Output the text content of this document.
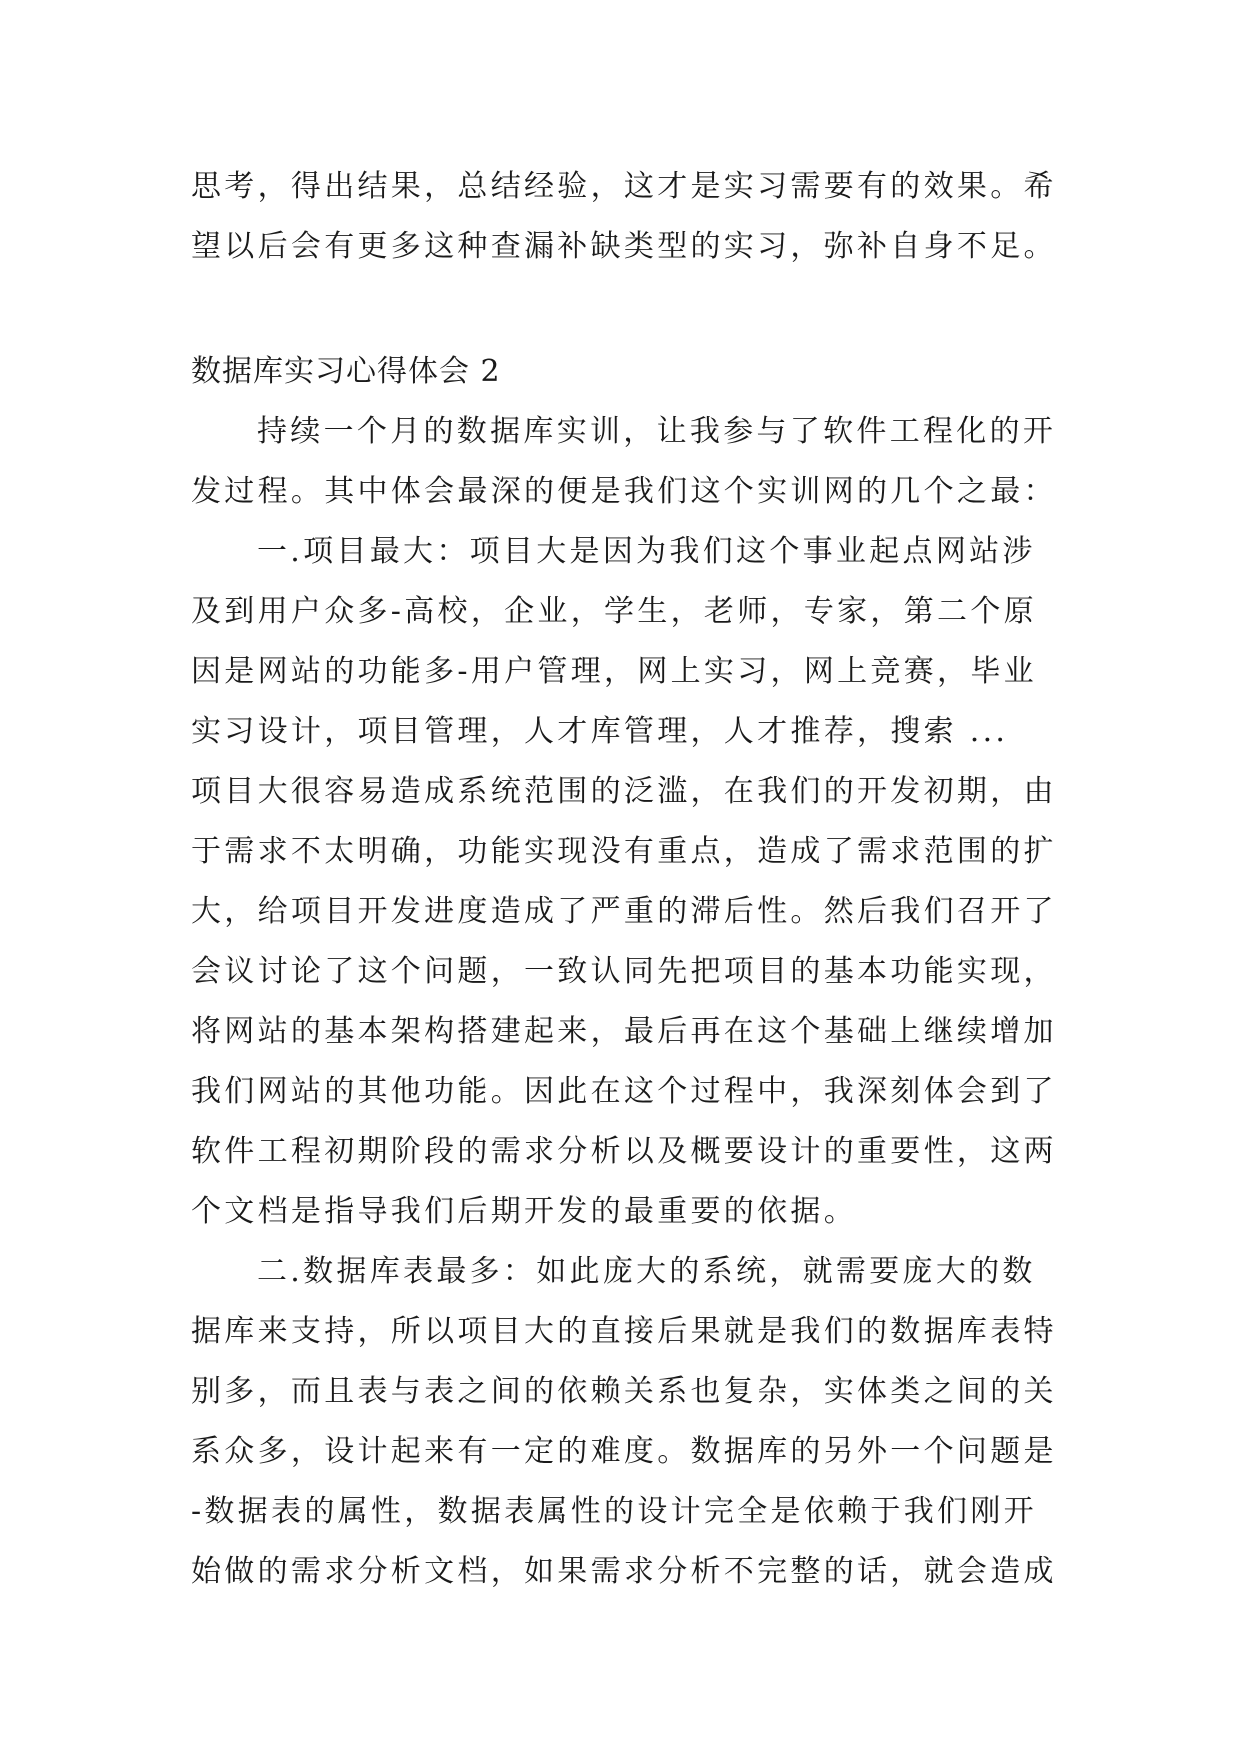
思考，得出结果，总结经验，这才是实习需要有的效果。希
望以后会有更多这种查漏补缺类型的实习，弥补自身不足。
数据库实习心得体会 2
持续一个月的数据库实训，让我参与了软件工程化的开
发过程。其中体会最深的便是我们这个实训网的几个之最：
一.项目最大：项目大是因为我们这个事业起点网站涉
及到用户众多-高校，企业，学生，老师，专家，第二个原
因是网站的功能多-用户管理，网上实习，网上竞赛，毕业
实习设计，项目管理，人才库管理，人才推荐，搜索 ...
项目大很容易造成系统范围的泛滥，在我们的开发初期，由
于需求不太明确，功能实现没有重点，造成了需求范围的扩
大，给项目开发进度造成了严重的滞后性。然后我们召开了
会议讨论了这个问题，一致认同先把项目的基本功能实现，
将网站的基本架构搭建起来，最后再在这个基础上继续增加
我们网站的其他功能。因此在这个过程中，我深刻体会到了
软件工程初期阶段的需求分析以及概要设计的重要性，这两
个文档是指导我们后期开发的最重要的依据。
二.数据库表最多：如此庞大的系统，就需要庞大的数
据库来支持，所以项目大的直接后果就是我们的数据库表特
别多，而且表与表之间的依赖关系也复杂，实体类之间的关
系众多，设计起来有一定的难度。数据库的另外一个问题是
-数据表的属性，数据表属性的设计完全是依赖于我们刚开
始做的需求分析文档，如果需求分析不完整的话，就会造成
